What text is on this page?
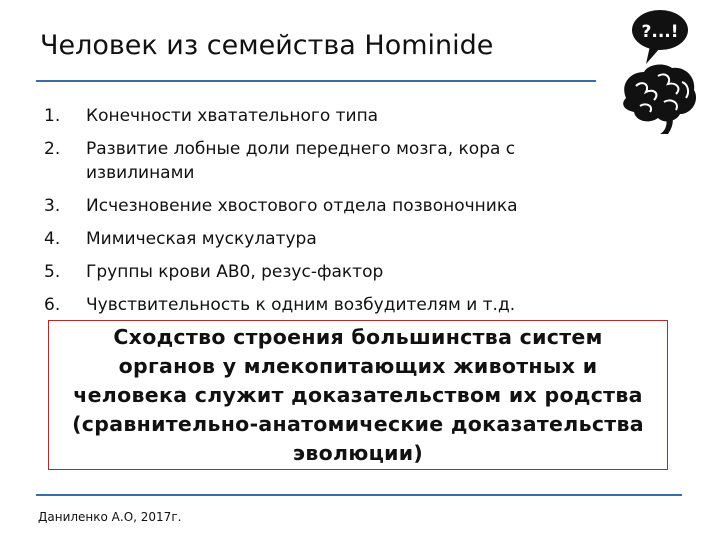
Человек из семейства Hominide
1.	Конечности хватательного типа
2.	Развитие лобные доли переднего мозга, кора с извилинами
3.	Исчезновение хвостового отдела позвоночника
4.	Мимическая мускулатура
5.	Группы крови АВ0, резус-фактор
6.	Чувствительность к одним возбудителям и т.д.
Сходство строения большинства систем органов у млекопитающих животных и человека служит доказательством их родства (сравнительно-анатомические доказательства эволюции)
Даниленко А.О, 2017г.
?...!
